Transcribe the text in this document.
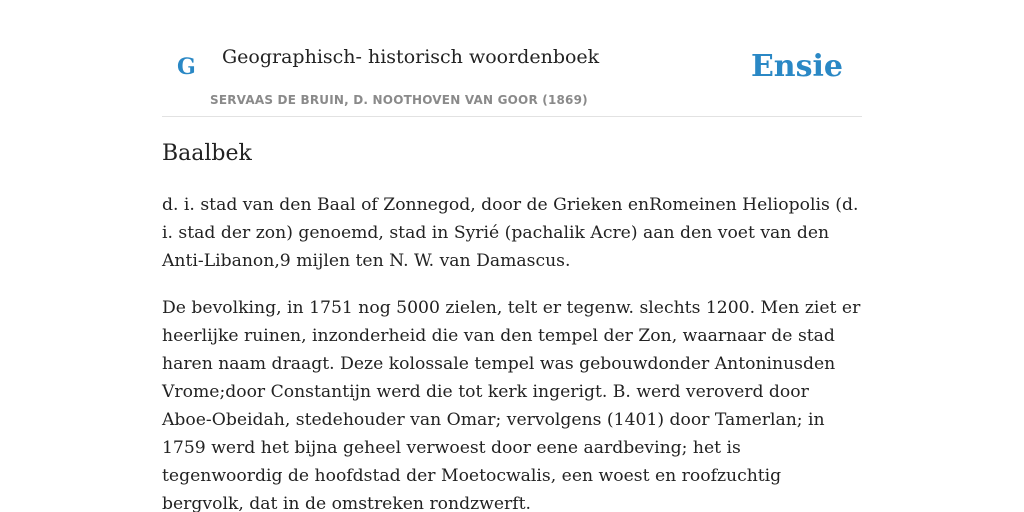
G Geographisch- historisch woordenboek
SERVAAS DE BRUIN, D. NOOTHOVEN VAN GOOR (1869)
Ensie
Baalbek

d. i. stad van den Baal of Zonnegod, door de Grieken enRomeinen Heliopolis (d. i. stad der zon) genoemd, stad in Syrié (pachalik Acre) aan den voet van den Anti-Libanon,9 mijlen ten N. W. van Damascus.

De bevolking, in 1751 nog 5000 zielen, telt er tegenw. slechts 1200. Men ziet er heerlijke ruinen, inzonderheid die van den tempel der Zon, waarnaar de stad haren naam draagt. Deze kolossale tempel was gebouwdonder Antoninusden Vrome;door Constantijn werd die tot kerk ingerigt. B. werd veroverd door Aboe-Obeidah, stedehouder van Omar; vervolgens (1401) door Tamerlan; in 1759 werd het bijna geheel verwoest door eene aardbeving; het is tegenwoordig de hoofdstad der Moetocwalis, een woest en roofzuchtig bergvolk, dat in de omstreken rondzwerft.
